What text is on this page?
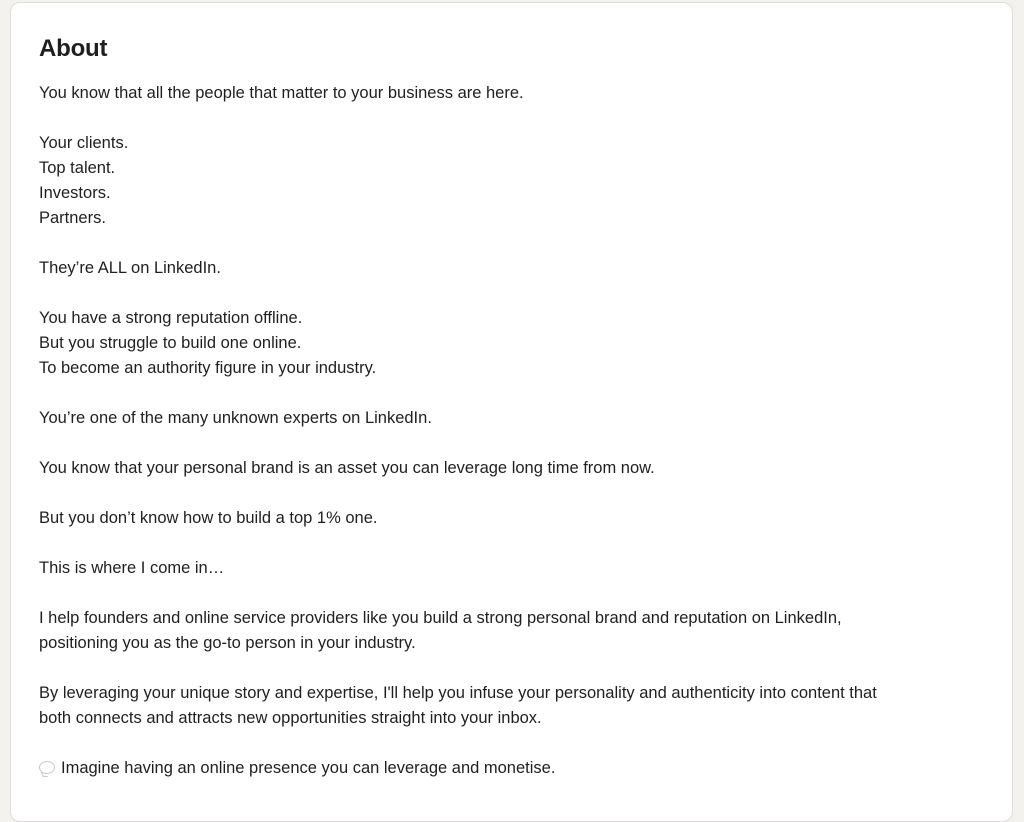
About
You know that all the people that matter to your business are here.
Your clients.
Top talent.
Investors.
Partners.
They’re ALL on LinkedIn.
You have a strong reputation offline.
But you struggle to build one online.
To become an authority figure in your industry.
You’re one of the many unknown experts on LinkedIn.
You know that your personal brand is an asset you can leverage long time from now.
But you don’t know how to build a top 1% one.
This is where I come in…
I help founders and online service providers like you build a strong personal brand and reputation on LinkedIn,
positioning you as the go-to person in your industry.
By leveraging your unique story and expertise, I'll help you infuse your personality and authenticity into content that
both connects and attracts new opportunities straight into your inbox.
Imagine having an online presence you can leverage and monetise.
